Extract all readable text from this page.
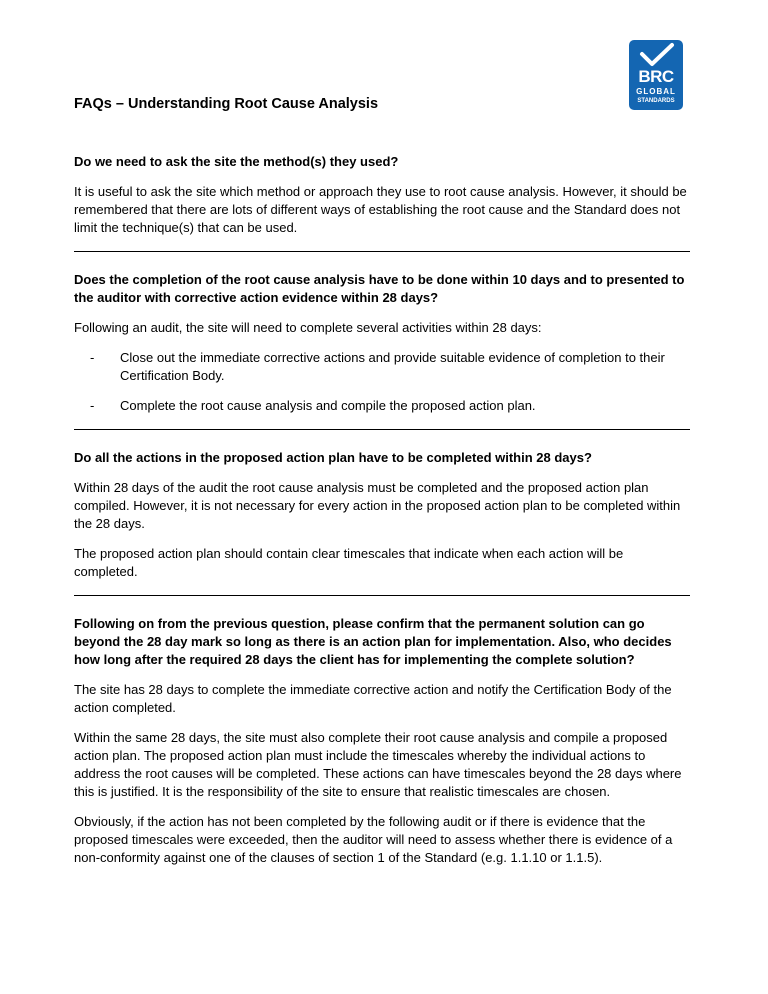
BRC
GLOBAL
STANDARDS
FAQs – Understanding Root Cause Analysis
Do we need to ask the site the method(s) they used?

It is useful to ask the site which method or approach they use to root cause analysis. However, it should be remembered that there are lots of different ways of establishing the root cause and the Standard does not limit the technique(s) that can be used.

Does the completion of the root cause analysis have to be done within 10 days and to presented to the auditor with corrective action evidence within 28 days?

Following an audit, the site will need to complete several activities within 28 days:

- Close out the immediate corrective actions and provide suitable evidence of completion to their Certification Body.
- Complete the root cause analysis and compile the proposed action plan.
Do all the actions in the proposed action plan have to be completed within 28 days?

Within 28 days of the audit the root cause analysis must be completed and the proposed action plan compiled. However, it is not necessary for every action in the proposed action plan to be completed within the 28 days.

The proposed action plan should contain clear timescales that indicate when each action will be completed.

Following on from the previous question, please confirm that the permanent solution can go beyond the 28 day mark so long as there is an action plan for implementation. Also, who decides how long after the required 28 days the client has for implementing the complete solution?

The site has 28 days to complete the immediate corrective action and notify the Certification Body of the action completed.

Within the same 28 days, the site must also complete their root cause analysis and compile a proposed action plan. The proposed action plan must include the timescales whereby the individual actions to address the root causes will be completed. These actions can have timescales beyond the 28 days where this is justified. It is the responsibility of the site to ensure that realistic timescales are chosen.

Obviously, if the action has not been completed by the following audit or if there is evidence that the proposed timescales were exceeded, then the auditor will need to assess whether there is evidence of a non-conformity against one of the clauses of section 1 of the Standard (e.g. 1.1.10 or 1.1.5).
